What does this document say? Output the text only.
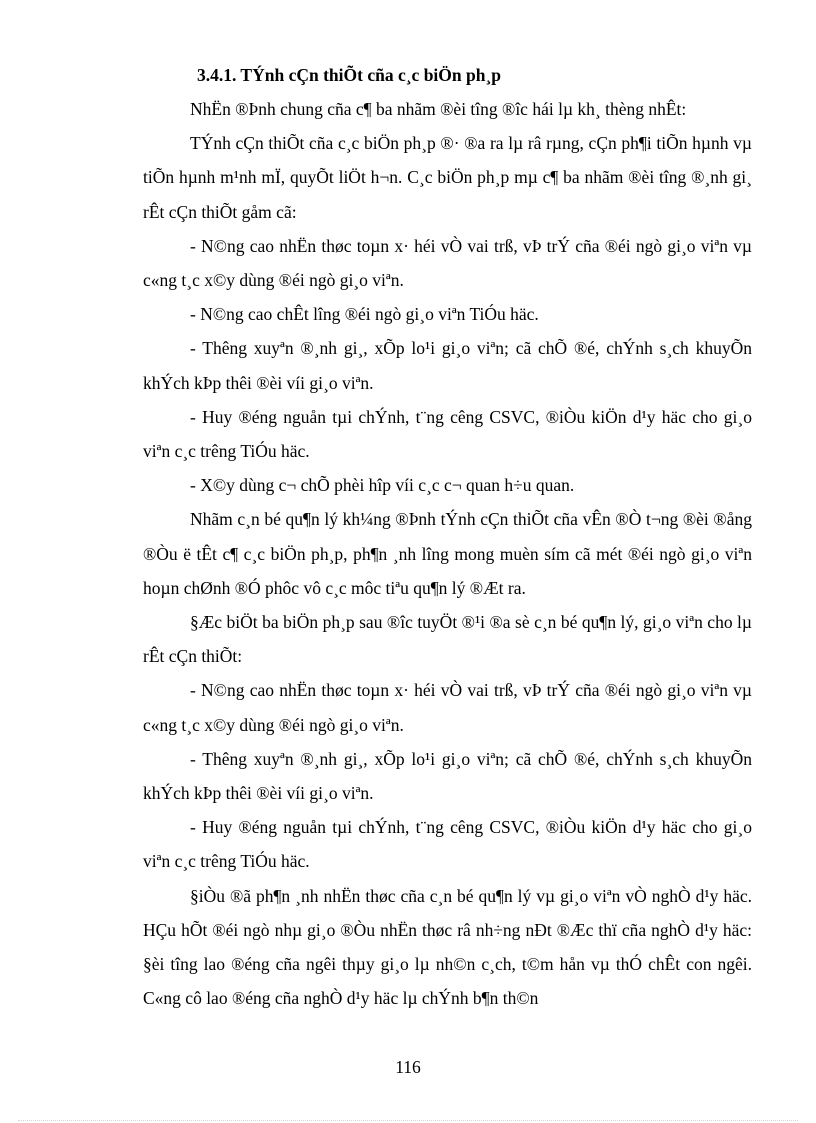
3.4.1. TÝnh cÇn thiÕt cña c¸c biÖn ph¸p

NhËn ®Þnh chung cña c¶ ba nhãm ®èi tîng ®îc hái lµ kh¸ thèng nhÊt:

TÝnh cÇn thiÕt cña c¸c biÖn ph¸p ®· ®a ra lµ râ rµng, cÇn ph¶i tiÕn hµnh vµ tiÕn hµnh m¹nh mÏ, quyÕt liÖt h¬n. C¸c biÖn ph¸p mµ c¶ ba nhãm ®èi tîng ®¸nh gi¸ rÊt cÇn thiÕt gåm cã:

- N©ng cao nhËn thøc toµn x· héi vÒ vai trß, vÞ trÝ cña ®éi ngò gi¸o viªn vµ c«ng t¸c x©y dùng ®éi ngò gi¸o viªn.

- N©ng cao chÊt lîng ®éi ngò gi¸o viªn TiÓu häc.

- Thêng xuyªn ®¸nh gi¸, xÕp lo¹i gi¸o viªn; cã chÕ ®é, chÝnh s¸ch khuyÕn khÝch kÞp thêi ®èi víi gi¸o viªn.

- Huy ®éng nguån tµi chÝnh, t¨ng cêng CSVC, ®iÒu kiÖn d¹y häc cho gi¸o viªn c¸c trêng TiÓu häc.

- X©y dùng c¬ chÕ phèi hîp víi c¸c c¬ quan h÷u quan.

Nhãm c¸n bé qu¶n lý kh¼ng ®Þnh tÝnh cÇn thiÕt cña vÊn ®Ò t¬ng ®èi ®ång ®Òu ë tÊt c¶ c¸c biÖn ph¸p, ph¶n ¸nh lîng mong muèn sím cã mét ®éi ngò gi¸o viªn hoµn chØnh ®Ó phôc vô c¸c môc tiªu qu¶n lý ®Æt ra.

§Æc biÖt ba biÖn ph¸p sau ®îc tuyÖt ®¹i ®a sè c¸n bé qu¶n lý, gi¸o viªn cho lµ rÊt cÇn thiÕt:

- N©ng cao nhËn thøc toµn x· héi vÒ vai trß, vÞ trÝ cña ®éi ngò gi¸o viªn vµ c«ng t¸c x©y dùng ®éi ngò gi¸o viªn.

- Thêng xuyªn ®¸nh gi¸, xÕp lo¹i gi¸o viªn; cã chÕ ®é, chÝnh s¸ch khuyÕn khÝch kÞp thêi ®èi víi gi¸o viªn.

- Huy ®éng nguån tµi chÝnh, t¨ng cêng CSVC, ®iÒu kiÖn d¹y häc cho gi¸o viªn c¸c trêng TiÓu häc.

§iÒu ®ã ph¶n ¸nh nhËn thøc cña c¸n bé qu¶n lý vµ gi¸o viªn vÒ nghÒ d¹y häc. HÇu hÕt ®éi ngò nhµ gi¸o ®Òu nhËn thøc râ nh÷ng nÐt ®Æc thï cña nghÒ d¹y häc: §èi tîng lao ®éng cña ngêi thµy gi¸o lµ nh©n c¸ch, t©m hån vµ thÓ chÊt con ngêi. C«ng cô lao ®éng cña nghÒ d¹y häc lµ chÝnh b¶n th©n

116
